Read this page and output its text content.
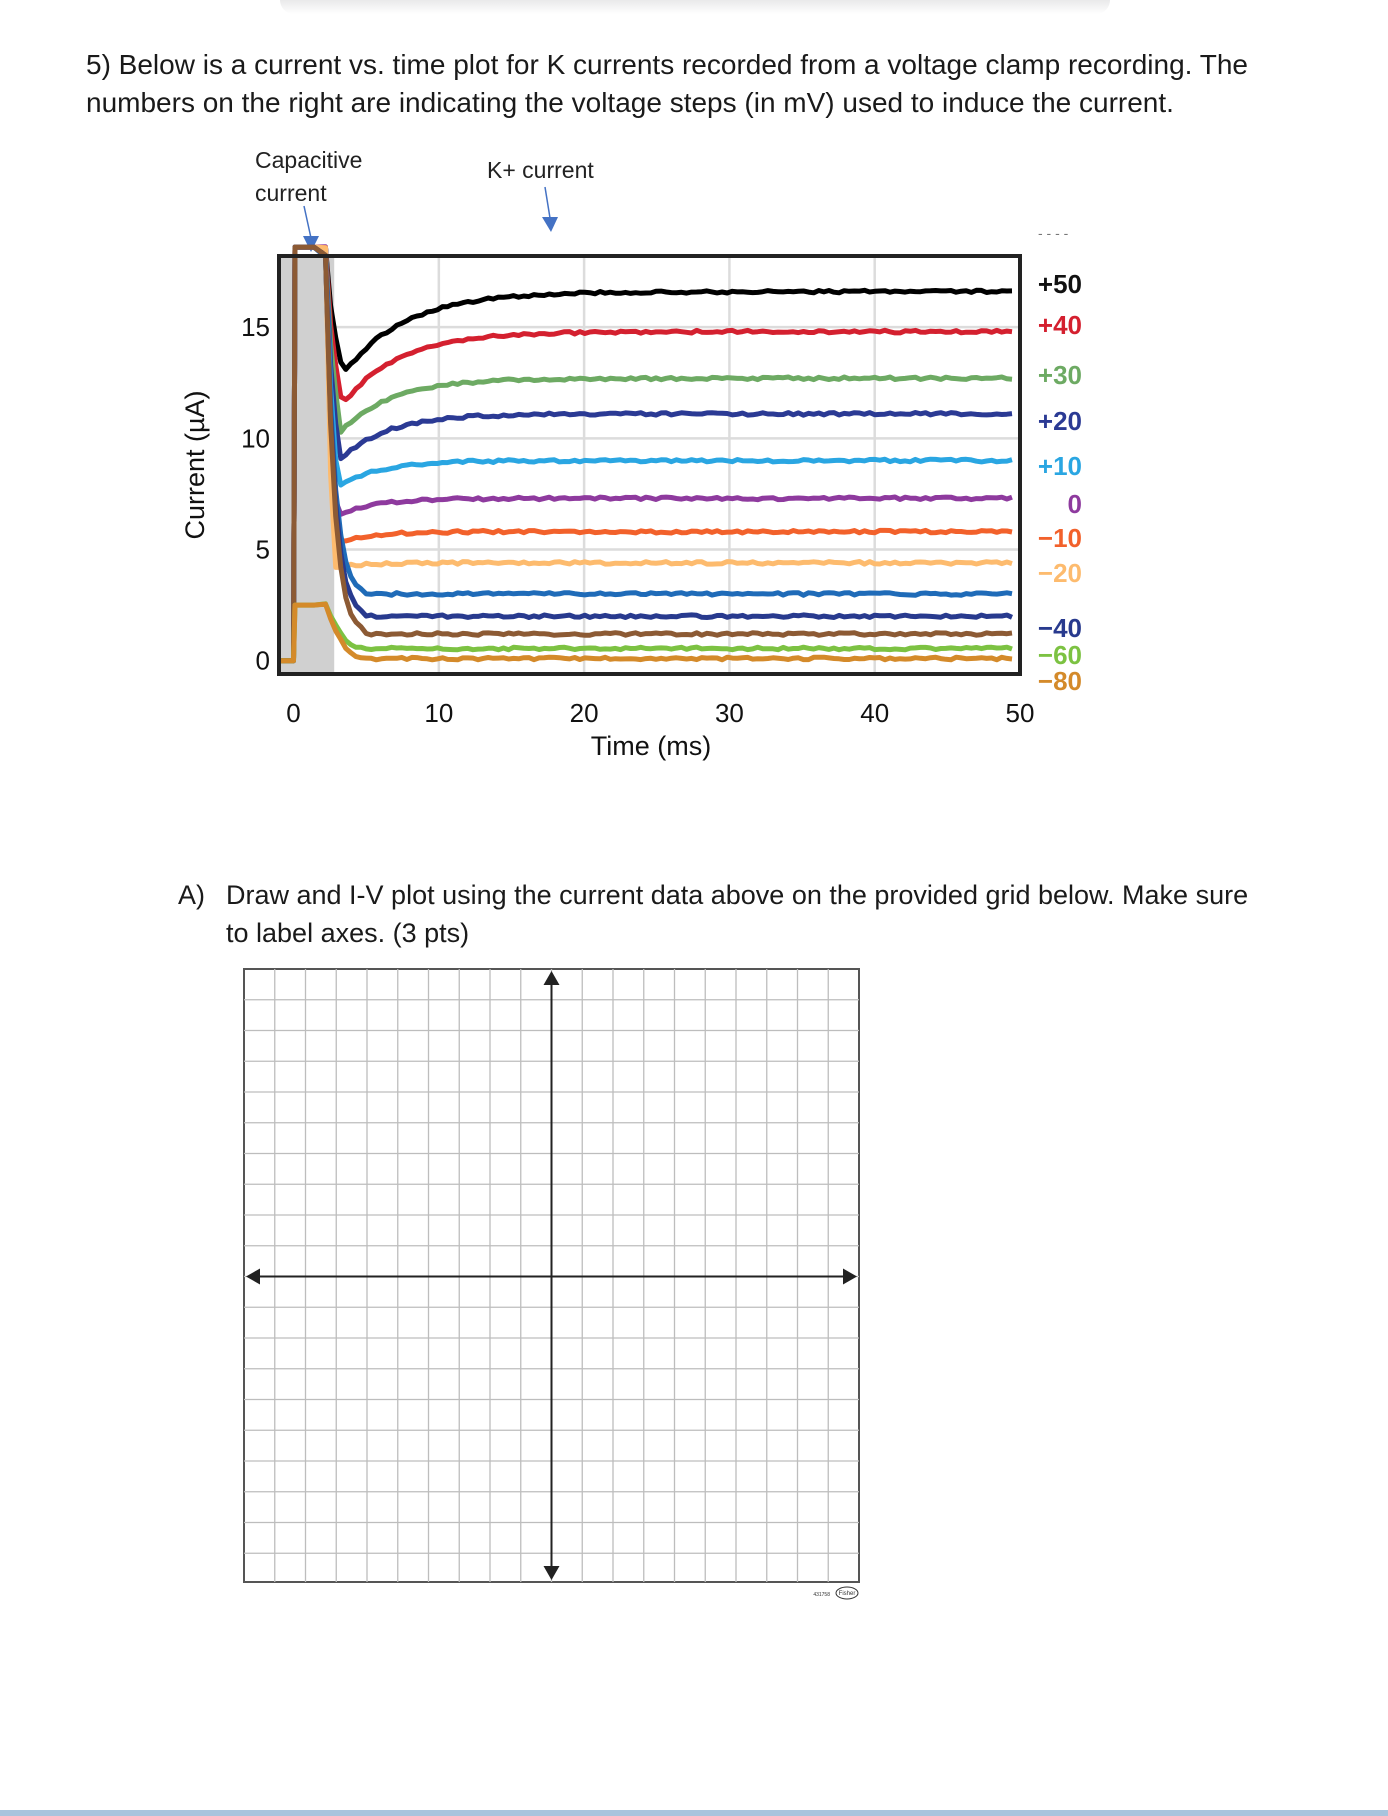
5) Below is a current vs. time plot for K currents recorded from a voltage clamp recording. The numbers on the right are indicating the voltage steps (in mV) used to induce the current.

Capacitive
current
K+ current
- - - -
0	10	20	30	40	50
0
5
10
15
Time (ms)
Current (µA)
+50
+40
+30
+20
+10
0
−10
−20
−40
−60
−80
431758 Fisher
A) Draw and I-V plot using the current data above on the provided grid below. Make sure to label axes. (3 pts)
